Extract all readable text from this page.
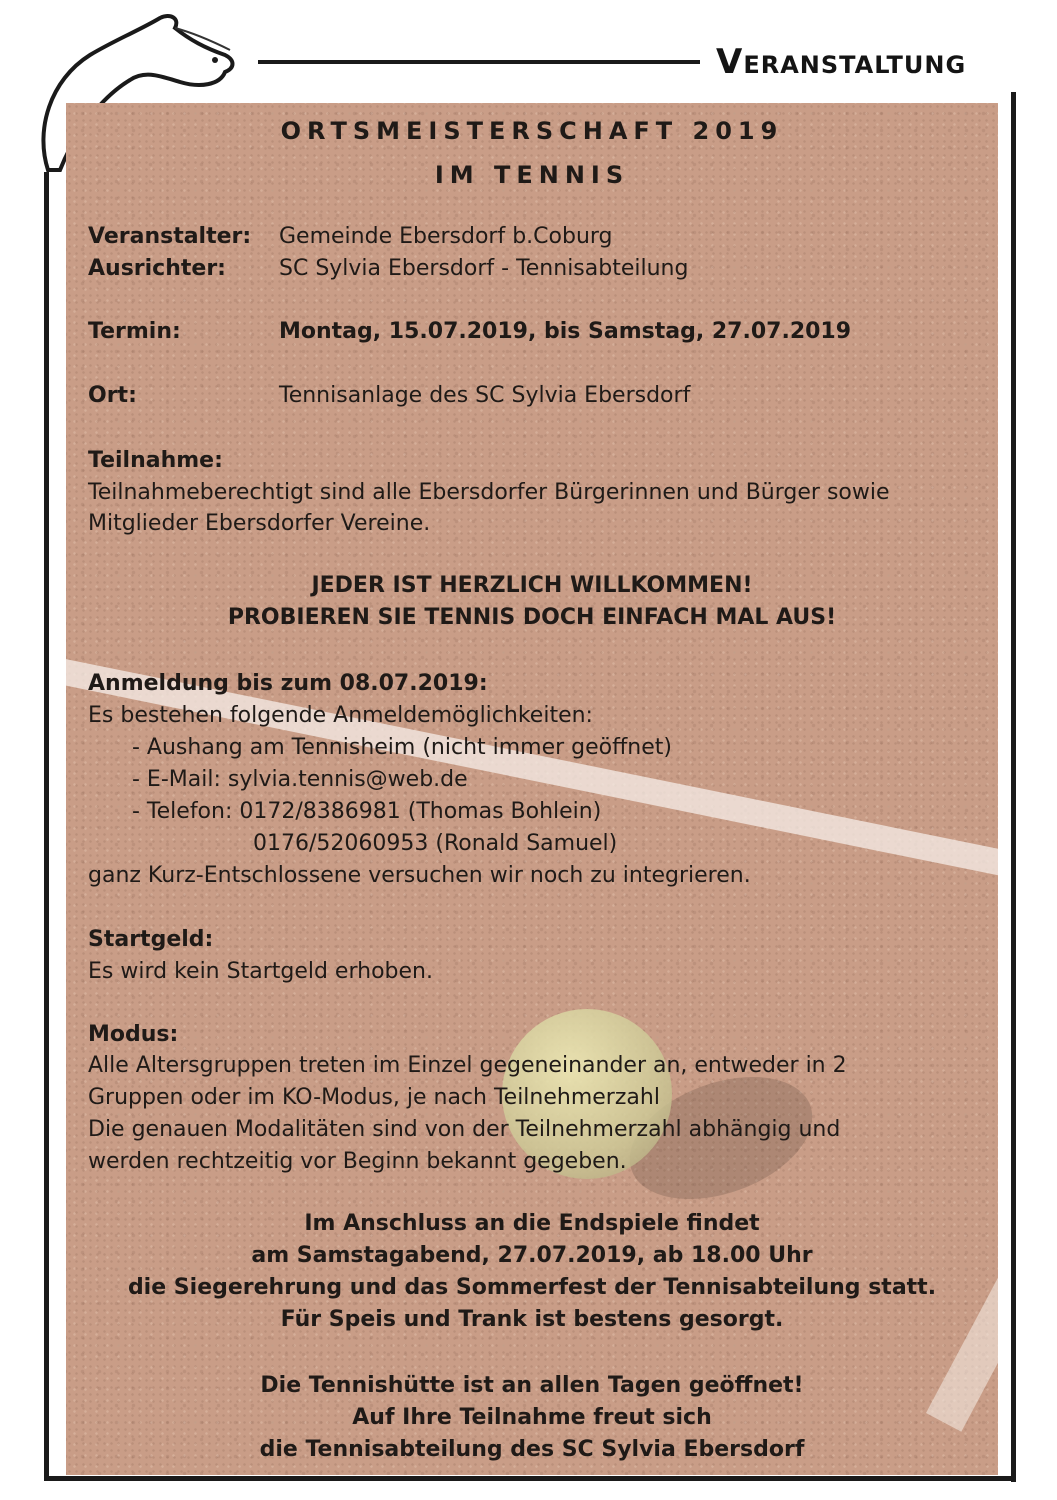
Veranstaltung
ORTSMEISTERSCHAFT 2019
IM TENNIS
Veranstalter: Gemeinde Ebersdorf b.Coburg
Ausrichter: SC Sylvia Ebersdorf - Tennisabteilung
Termin:	Montag, 15.07.2019, bis Samstag, 27.07.2019
Ort:	Tennisanlage des SC Sylvia Ebersdorf
Teilnahme:
Teilnahmeberechtigt sind alle Ebersdorfer Bürgerinnen und Bürger sowie
Mitglieder Ebersdorfer Vereine.
JEDER IST HERZLICH WILLKOMMEN!
PROBIEREN SIE TENNIS DOCH EINFACH MAL AUS!
Anmeldung bis zum 08.07.2019:
Es bestehen folgende Anmeldemöglichkeiten:
- Aushang am Tennisheim (nicht immer geöffnet)
- E-Mail: sylvia.tennis@web.de
- Telefon: 0172/8386981 (Thomas Bohlein)
0176/52060953 (Ronald Samuel)
ganz Kurz-Entschlossene versuchen wir noch zu integrieren.
Startgeld:
Es wird kein Startgeld erhoben.
Modus:
Alle Altersgruppen treten im Einzel gegeneinander an, entweder in 2
Gruppen oder im KO-Modus, je nach Teilnehmerzahl
Die genauen Modalitäten sind von der Teilnehmerzahl abhängig und
werden rechtzeitig vor Beginn bekannt gegeben.
Im Anschluss an die Endspiele findet
am Samstagabend, 27.07.2019, ab 18.00 Uhr
die Siegerehrung und das Sommerfest der Tennisabteilung statt.
Für Speis und Trank ist bestens gesorgt.
Die Tennishütte ist an allen Tagen geöffnet!
Auf Ihre Teilnahme freut sich
die Tennisabteilung des SC Sylvia Ebersdorf
